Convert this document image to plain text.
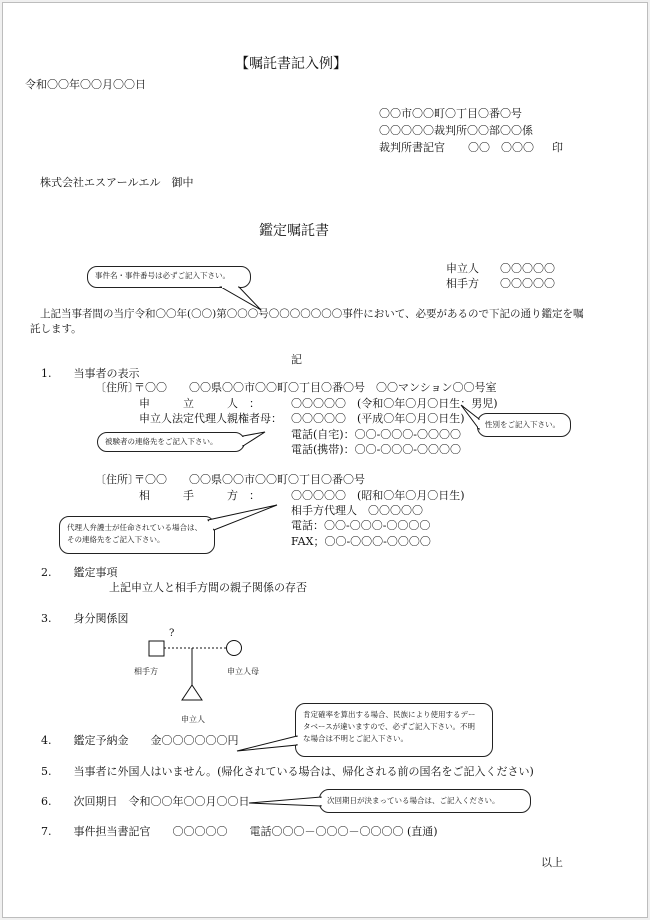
【嘱託書記入例】
令和〇〇年〇〇月〇〇日
〇〇市〇〇町〇丁目〇番〇号
〇〇〇〇〇裁判所〇〇部〇〇係
裁判所書記官 〇〇　〇〇〇 印
株式会社エスアールエル　御中
鑑定嘱託書
申立人 〇〇〇〇〇
相手方 〇〇〇〇〇
上記当事者間の当庁令和〇〇年(〇〇)第〇〇〇号〇〇〇〇〇〇〇事件において、必要があるので下記の通り鑑定を嘱
託します。
記
1.　　当事者の表示
〔住所〕
〒〇〇 〇〇県〇〇市〇〇町〇丁目〇番〇号　〇〇マンション〇〇号室
申　　　立　　　人　：	〇〇〇〇〇　(令和〇年〇月〇日生：男児)
申立人法定代理人親権者母： 〇〇〇〇〇　(平成〇年〇月〇日生)
電話(自宅)：〇〇-〇〇〇-〇〇〇〇
電話(携帯)：〇〇-〇〇〇-〇〇〇〇
〔住所〕
〒〇〇 〇〇県〇〇市〇〇町〇丁目〇番〇号
相　　　手　　　方　：	〇〇〇〇〇　(昭和〇年〇月〇日生)
相手方代理人　〇〇〇〇〇
電話：〇〇-〇〇〇-〇〇〇〇
FAX；〇〇-〇〇〇-〇〇〇〇
2.　　鑑定事項
上記申立人と相手方間の親子関係の存否
3.　　身分関係図
?
相手方	申立人母
申立人
4.　　鑑定予納金　　金〇〇〇〇〇〇円
5.　　当事者に外国人はいません。(帰化されている場合は、帰化される前の国名をご記入ください)
6.　　次回期日　令和〇〇年〇〇月〇〇日
7.　　事件担当書記官　　〇〇〇〇〇　　電話〇〇〇－〇〇〇－〇〇〇〇 (直通)
以上
事件名・事件番号は必ずご記入下さい。
性別をご記入下さい。
被験者の連絡先をご記入下さい。
代理人弁護士が任命されている場合は、
その連絡先をご記入下さい。
肯定確率を算出する場合、民族により使用するデー
タベースが違いますので、必ずご記入下さい。不明
な場合は不明とご記入下さい。
次回期日が決まっている場合は、ご記入ください。
